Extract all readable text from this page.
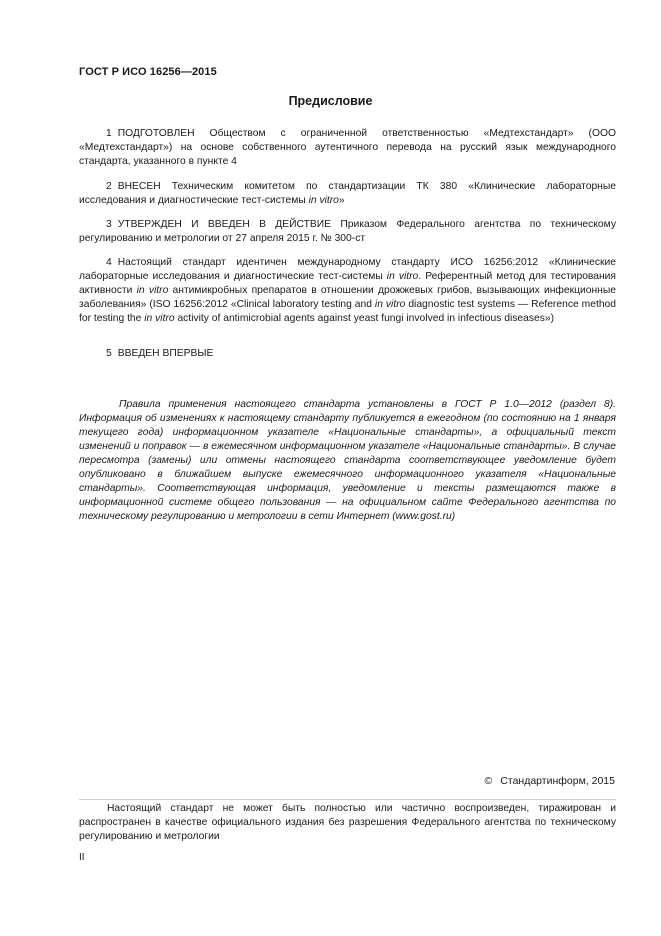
ГОСТ Р ИСО 16256—2015
Предисловие
1 ПОДГОТОВЛЕН Обществом с ограниченной ответственностью «Медтехстандарт» (ООО «Медтехстандарт») на основе собственного аутентичного перевода на русский язык международного стандарта, указанного в пункте 4
2 ВНЕСЕН Техническим комитетом по стандартизации ТК 380 «Клинические лабораторные исследования и диагностические тест-системы in vitro»
3 УТВЕРЖДЕН И ВВЕДЕН В ДЕЙСТВИЕ Приказом Федерального агентства по техническому регулированию и метрологии от 27 апреля 2015 г. № 300-ст
4 Настоящий стандарт идентичен международному стандарту ИСО 16256:2012 «Клинические лабораторные исследования и диагностические тест-системы in vitro. Референтный метод для тестирования активности in vitro антимикробных препаратов в отношении дрожжевых грибов, вызывающих инфекционные заболевания» (ISO 16256:2012 «Clinical laboratory testing and in vitro diagnostic test systems — Reference method for testing the in vitro activity of antimicrobial agents against yeast fungi involved in infectious diseases»)
5 ВВЕДЕН ВПЕРВЫЕ
Правила применения настоящего стандарта установлены в ГОСТ Р 1.0—2012 (раздел 8). Информация об изменениях к настоящему стандарту публикуется в ежегодном (по состоянию на 1 января текущего года) информационном указателе «Национальные стандарты», а официальный текст изменений и поправок — в ежемесячном информационном указателе «Национальные стандарты». В случае пересмотра (замены) или отмены настоящего стандарта соответствующее уведомление будет опубликовано в ближайшем выпуске ежемесячного информационного указателя «Национальные стандарты». Соответствующая информация, уведомление и тексты размещаются также в информационной системе общего пользования — на официальном сайте Федерального агентства по техническому регулированию и метрологии в сети Интернет (www.gost.ru)
© Стандартинформ, 2015
Настоящий стандарт не может быть полностью или частично воспроизведен, тиражирован и распространен в качестве официального издания без разрешения Федерального агентства по техническому регулированию и метрологии
II
